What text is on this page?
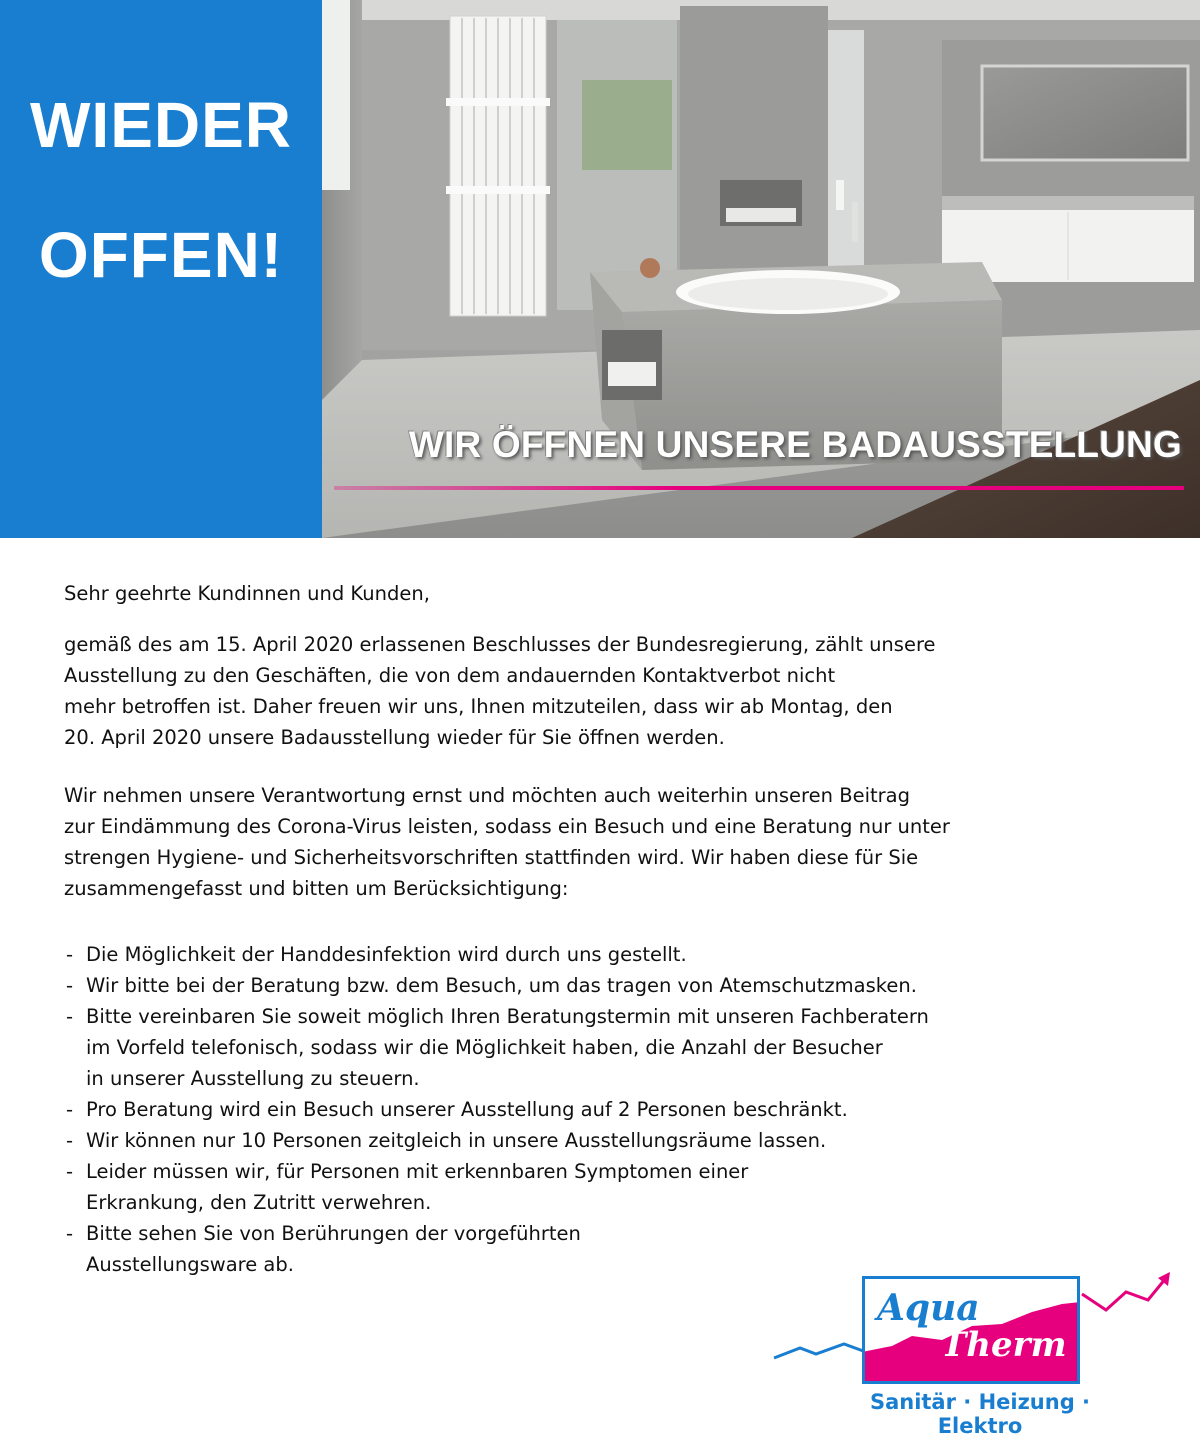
WIEDER
OFFEN!
WIR ÖFFNEN UNSERE BADAUSSTELLUNG

Sehr geehrte Kundinnen und Kunden,

gemäß des am 15. April 2020 erlassenen Beschlusses der Bundesregierung, zählt unsere
Ausstellung zu den Geschäften, die von dem andauernden Kontaktverbot nicht
mehr betroffen ist. Daher freuen wir uns, Ihnen mitzuteilen, dass wir ab Montag, den
20. April 2020 unsere Badausstellung wieder für Sie öffnen werden.

Wir nehmen unsere Verantwortung ernst und möchten auch weiterhin unseren Beitrag
zur Eindämmung des Corona-Virus leisten, sodass ein Besuch und eine Beratung nur unter
strengen Hygiene- und Sicherheitsvorschriften stattfinden wird. Wir haben diese für Sie
zusammengefasst und bitten um Berücksichtigung:

- Die Möglichkeit der Handdesinfektion wird durch uns gestellt.
- Wir bitte bei der Beratung bzw. dem Besuch, um das tragen von Atemschutzmasken.
- Bitte vereinbaren Sie soweit möglich Ihren Beratungstermin mit unseren Fachberatern
im Vorfeld telefonisch, sodass wir die Möglichkeit haben, die Anzahl der Besucher
in unserer Ausstellung zu steuern.
- Pro Beratung wird ein Besuch unserer Ausstellung auf 2 Personen beschränkt.
- Wir können nur 10 Personen zeitgleich in unsere Ausstellungsräume lassen.
- Leider müssen wir, für Personen mit erkennbaren Symptomen einer
Erkrankung, den Zutritt verwehren.
- Bitte sehen Sie von Berührungen der vorgeführten
Ausstellungsware ab.
Aqua
Therm
Sanitär · Heizung · Elektro
